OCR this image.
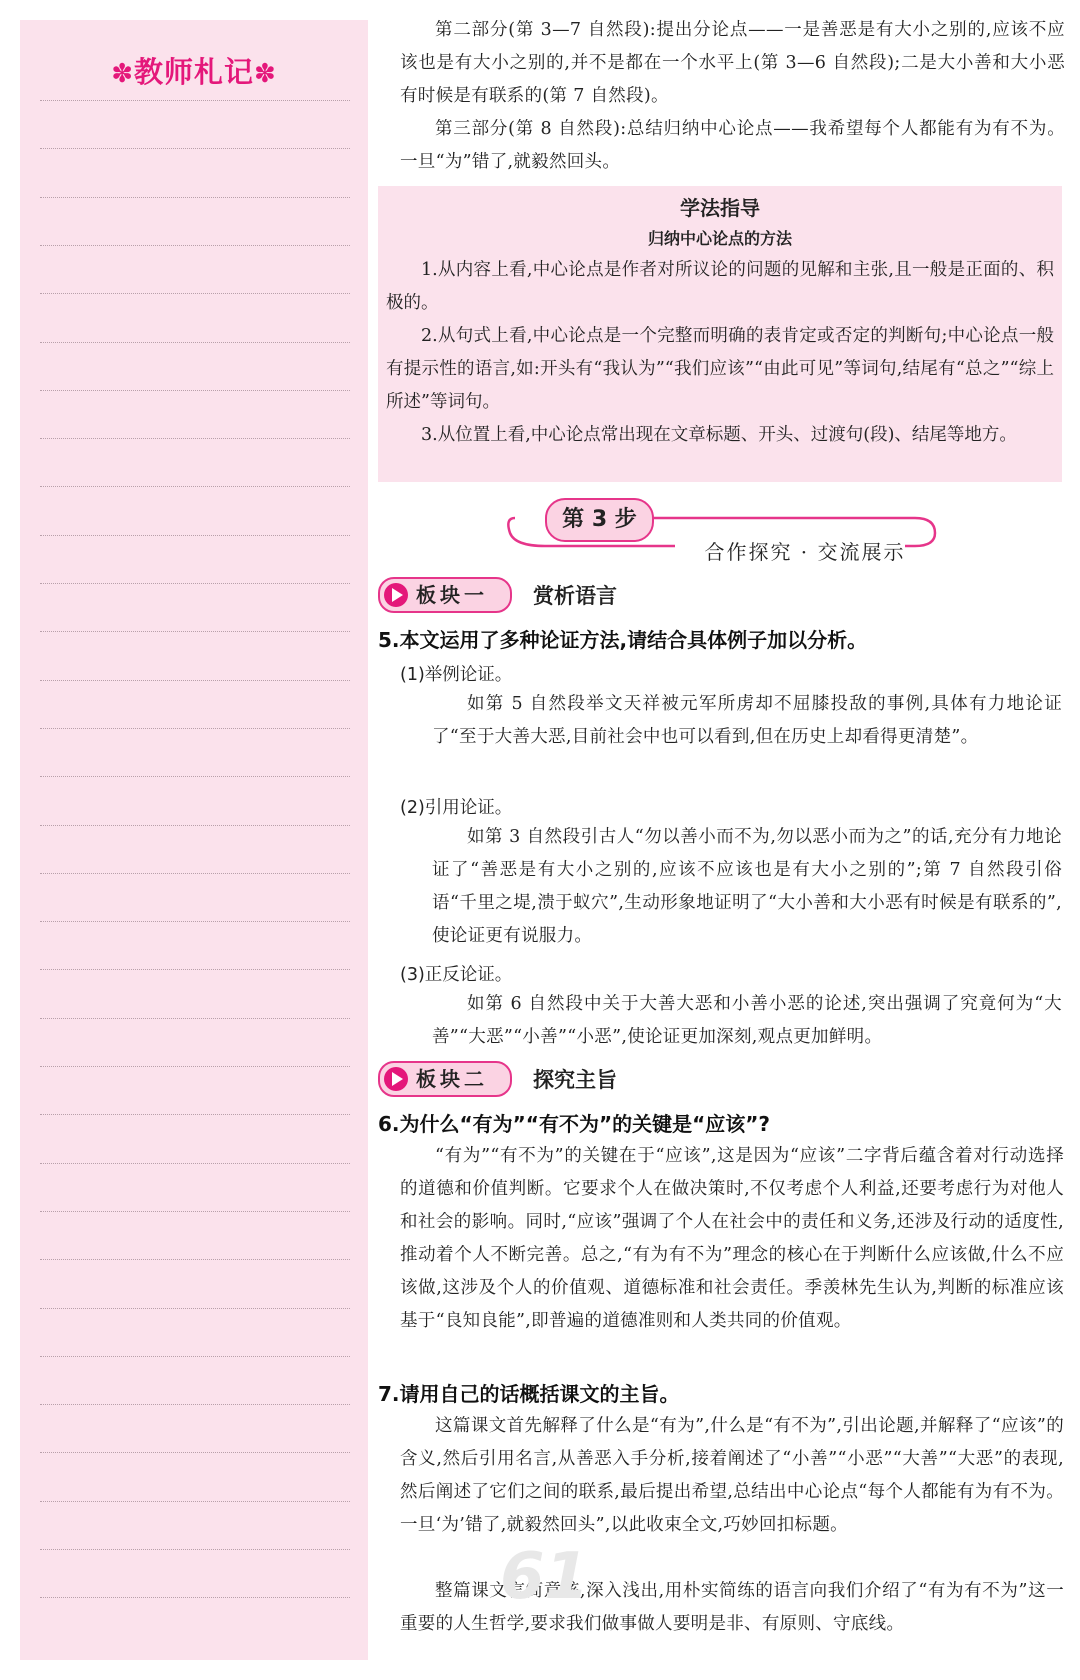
✽教师札记✽

第二部分(第 3—7 自然段):提出分论点——一是善恶是有大小之别的,应该不应该也是有大小之别的,并不是都在一个水平上(第 3—6 自然段);二是大小善和大小恶有时候是有联系的(第 7 自然段)。

第三部分(第 8 自然段):总结归纳中心论点——我希望每个人都能有为有不为。一旦“为”错了,就毅然回头。

学法指导
归纳中心论点的方法

1.从内容上看,中心论点是作者对所议论的问题的见解和主张,且一般是正面的、积极的。

2.从句式上看,中心论点是一个完整而明确的表肯定或否定的判断句;中心论点一般有提示性的语言,如:开头有“我认为”“我们应该”“由此可见”等词句,结尾有“总之”“综上所述”等词句。

3.从位置上看,中心论点常出现在文章标题、开头、过渡句(段)、结尾等地方。

第 3 步
合作探究 · 交流展示
板块一 赏析语言
5.本文运用了多种论证方法,请结合具体例子加以分析。
(1)举例论证。

如第 5 自然段举文天祥被元军所虏却不屈膝投敌的事例,具体有力地论证了“至于大善大恶,目前社会中也可以看到,但在历史上却看得更清楚”。

(2)引用论证。

如第 3 自然段引古人“勿以善小而不为,勿以恶小而为之”的话,充分有力地论证了“善恶是有大小之别的,应该不应该也是有大小之别的”;第 7 自然段引俗语“千里之堤,溃于蚁穴”,生动形象地证明了“大小善和大小恶有时候是有联系的”,使论证更有说服力。

(3)正反论证。

如第 6 自然段中关于大善大恶和小善小恶的论述,突出强调了究竟何为“大善”“大恶”“小善”“小恶”,使论证更加深刻,观点更加鲜明。

板块二 探究主旨
6.为什么“有为”“有不为”的关键是“应该”?

“有为”“有不为”的关键在于“应该”,这是因为“应该”二字背后蕴含着对行动选择的道德和价值判断。它要求个人在做决策时,不仅考虑个人利益,还要考虑行为对他人和社会的影响。同时,“应该”强调了个人在社会中的责任和义务,还涉及行动的适度性,推动着个人不断完善。总之,“有为有不为”理念的核心在于判断什么应该做,什么不应该做,这涉及个人的价值观、道德标准和社会责任。季羡林先生认为,判断的标准应该基于“良知良能”,即普遍的道德准则和人类共同的价值观。

7.请用自己的话概括课文的主旨。

这篇课文首先解释了什么是“有为”,什么是“有不为”,引出论题,并解释了“应该”的含义,然后引用名言,从善恶入手分析,接着阐述了“小善”“小恶”“大善”“大恶”的表现,然后阐述了它们之间的联系,最后提出希望,总结出中心论点“每个人都能有为有不为。一旦‘为’错了,就毅然回头”,以此收束全文,巧妙回扣标题。

整篇课文言简意赅,深入浅出,用朴实简练的语言向我们介绍了“有为有不为”这一重要的人生哲学,要求我们做事做人要明是非、有原则、守底线。

61
